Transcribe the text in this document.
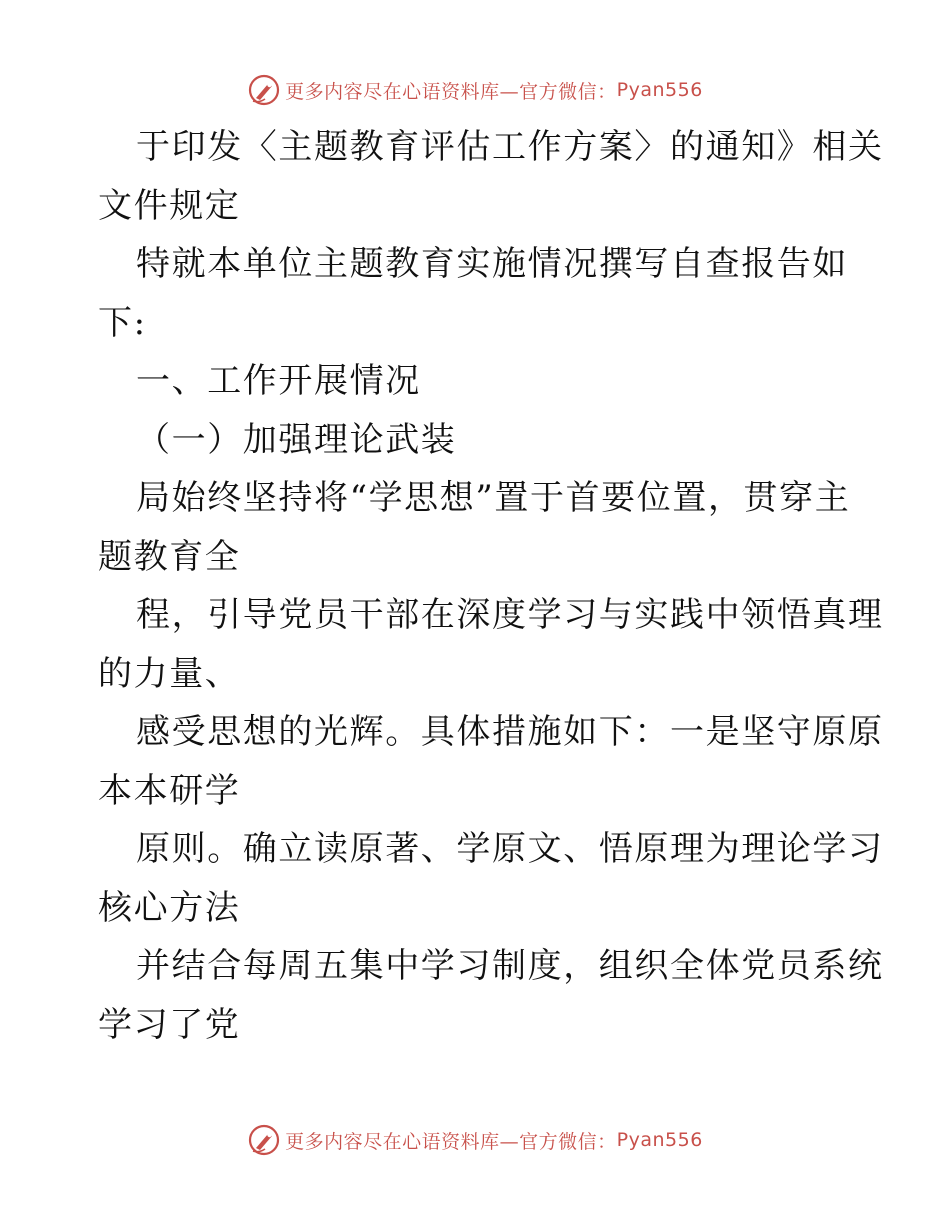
更多内容尽在心语资料库—官方微信： Pyan556
于印发〈主题教育评估工作方案〉的通知》相关
文件规定
特就本单位主题教育实施情况撰写自查报告如
下:
一、工作开展情况
（一）加强理论武装
局始终坚持将“学思想”置于首要位置，贯穿主
题教育全
程，引导党员干部在深度学习与实践中领悟真理
的力量、
感受思想的光辉。具体措施如下：一是坚守原原
本本研学
原则。确立读原著、学原文、悟原理为理论学习
核心方法
并结合每周五集中学习制度，组织全体党员系统
学习了党
更多内容尽在心语资料库—官方微信： Pyan556
